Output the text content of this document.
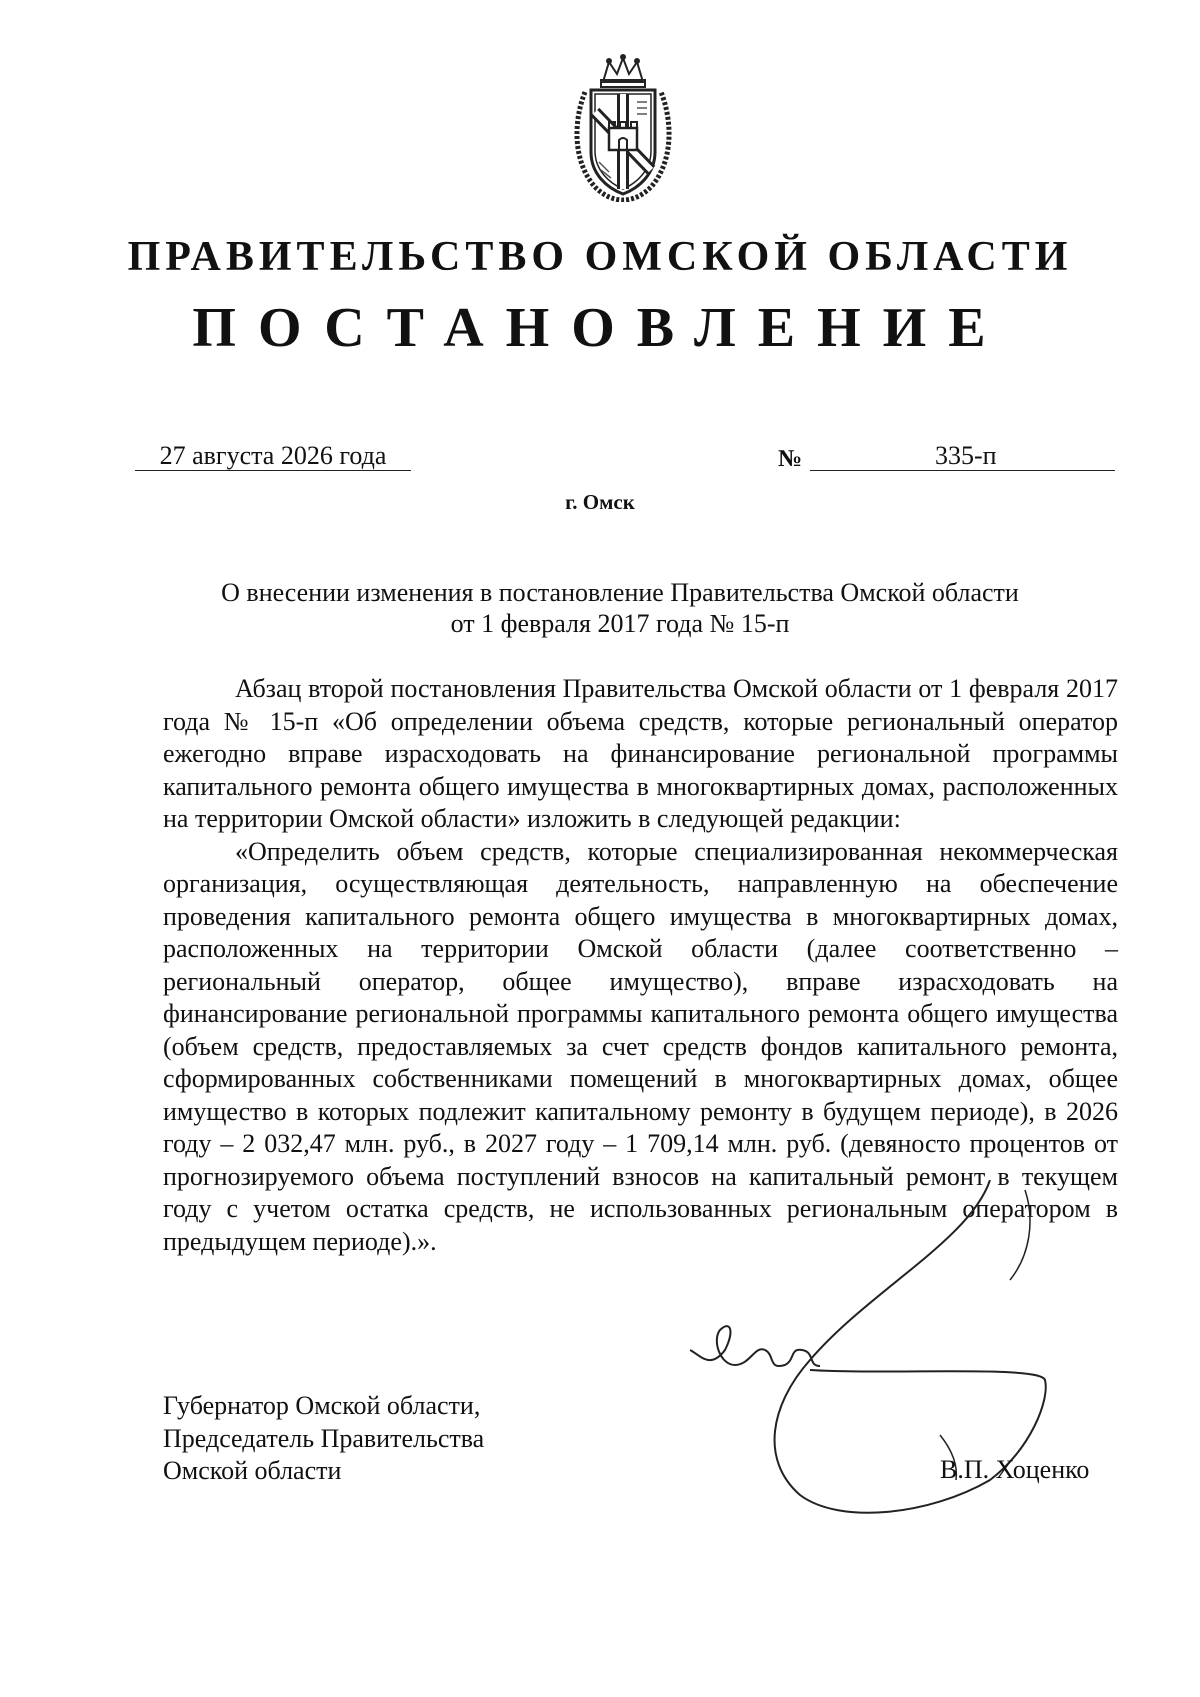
ПРАВИТЕЛЬСТВО ОМСКОЙ ОБЛАСТИ
ПОСТАНОВЛЕНИЕ
27 августа 2026 года	№	335-п
г. Омск
О внесении изменения в постановление Правительства Омской области
от 1 февраля 2017 года № 15-п

Абзац второй постановления Правительства Омской области от 1 февраля 2017 года № 15-п «Об определении объема средств, которые региональный оператор ежегодно вправе израсходовать на финансирование региональной программы капитального ремонта общего имущества в многоквартирных домах, расположенных на территории Омской области» изложить в следующей редакции:

«Определить объем средств, которые специализированная некоммерческая организация, осуществляющая деятельность, направленную на обеспечение проведения капитального ремонта общего имущества в многоквартирных домах, расположенных на территории Омской области (далее соответственно – региональный оператор, общее имущество), вправе израсходовать на финансирование региональной программы капитального ремонта общего имущества (объем средств, предоставляемых за счет средств фондов капитального ремонта, сформированных собственниками помещений в многоквартирных домах, общее имущество в которых подлежит капитальному ремонту в будущем периоде), в 2026 году – 2 032,47 млн. руб., в 2027 году – 1 709,14 млн. руб. (девяносто процентов от прогнозируемого объема поступлений взносов на капитальный ремонт в текущем году с учетом остатка средств, не использованных региональным оператором в предыдущем периоде).».

Губернатор Омской области,
Председатель Правительства
Омской области	В.П. Хоценко
